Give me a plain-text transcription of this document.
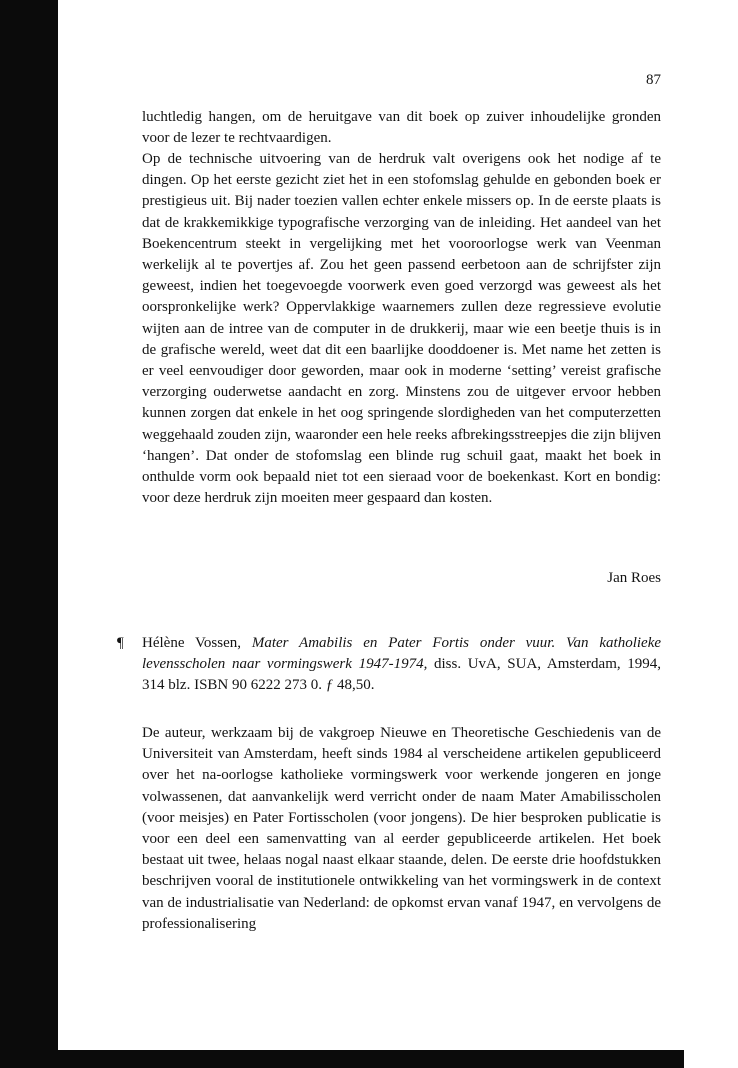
87

luchtledig hangen, om de heruitgave van dit boek op zuiver inhoudelijke gronden voor de lezer te rechtvaardigen.

Op de technische uitvoering van de herdruk valt overigens ook het nodige af te dingen. Op het eerste gezicht ziet het in een stofomslag gehulde en gebonden boek er prestigieus uit. Bij nader toezien vallen echter enkele missers op. In de eerste plaats is dat de krakkemikkige typografische verzorging van de inleiding. Het aandeel van het Boekencentrum steekt in vergelijking met het vooroorlogse werk van Veenman werkelijk al te povertjes af. Zou het geen passend eerbetoon aan de schrijfster zijn geweest, indien het toegevoegde voorwerk even goed verzorgd was geweest als het oorspronkelijke werk? Oppervlakkige waarnemers zullen deze regressieve evolutie wijten aan de intree van de computer in de drukkerij, maar wie een beetje thuis is in de grafische wereld, weet dat dit een baarlijke dooddoener is. Met name het zetten is er veel eenvoudiger door geworden, maar ook in moderne ‘setting’ vereist grafische verzorging ouderwetse aandacht en zorg. Minstens zou de uitgever ervoor hebben kunnen zorgen dat enkele in het oog springende slordigheden van het computerzetten weggehaald zouden zijn, waaronder een hele reeks afbrekingsstreepjes die zijn blijven ‘hangen’. Dat onder de stofomslag een blinde rug schuil gaat, maakt het boek in onthulde vorm ook bepaald niet tot een sieraad voor de boekenkast. Kort en bondig: voor deze herdruk zijn moeiten meer gespaard dan kosten.

Jan Roes
¶ Hélène Vossen, Mater Amabilis en Pater Fortis onder vuur. Van katholieke levensscholen naar vormingswerk 1947-1974, diss. UvA, SUA, Amsterdam, 1994, 314 blz. ISBN 90 6222 273 0. ƒ 48,50.

De auteur, werkzaam bij de vakgroep Nieuwe en Theoretische Geschiedenis van de Universiteit van Amsterdam, heeft sinds 1984 al verscheidene artikelen gepubliceerd over het na-oorlogse katholieke vormingswerk voor werkende jongeren en jonge volwassenen, dat aanvankelijk werd verricht onder de naam Mater Amabilisscholen (voor meisjes) en Pater Fortisscholen (voor jongens). De hier besproken publicatie is voor een deel een samenvatting van al eerder gepubliceerde artikelen. Het boek bestaat uit twee, helaas nogal naast elkaar staande, delen. De eerste drie hoofdstukken beschrijven vooral de institutionele ontwikkeling van het vormingswerk in de context van de industrialisatie van Nederland: de opkomst ervan vanaf 1947, en vervolgens de professionalisering
